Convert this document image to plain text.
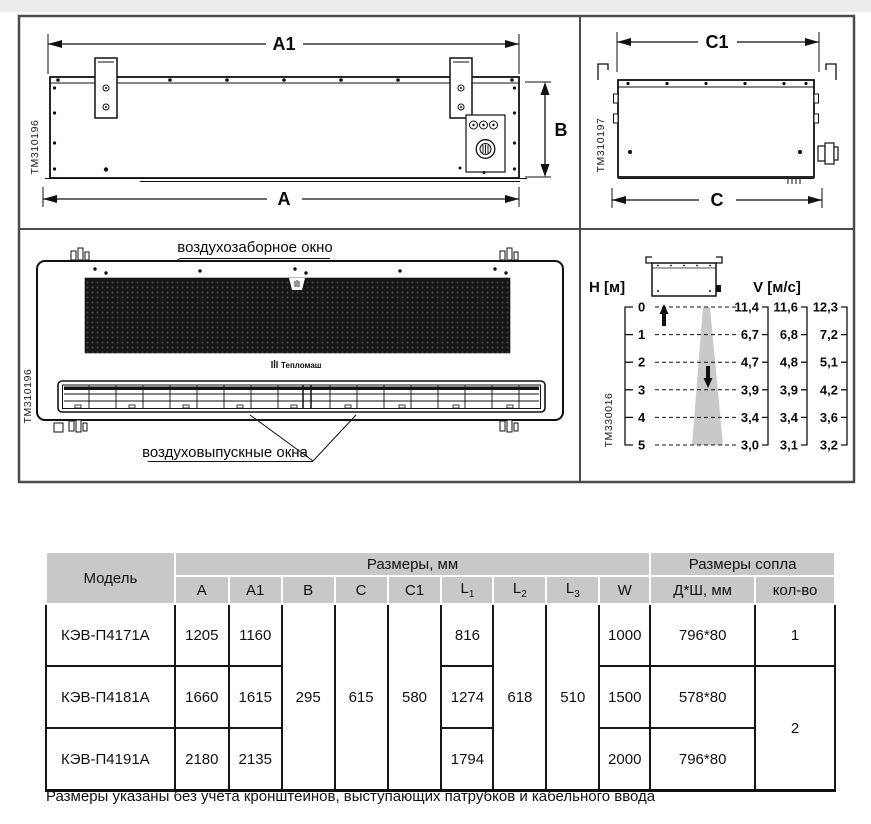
A1
B
A
TM310196
C1
C
TM310197
воздухозаборное окно
Тепломаш
воздуховыпускные окна
TM310196
H [м]	V [м/с]
0
1
2
3
4
5
11,4
6,7
4,7
3,9
3,4
3,0
11,6
6,8
4,8
3,9
3,4
3,1
12,3
7,2
5,1
4,2
3,6
3,2
TM330016
Модель	Размеры, мм									Размеры сопла	
	А	А1	В	С	С1	$L_1$	$L_2$	$L_3$	W	Д*Ш, мм	кол-во
КЭВ-П4171А	1205	1160	295	615	580	816	618	510	1000	796*80	1
КЭВ-П4181А	1660	1615				1274			1500	578*80	2
КЭВ-П4191А	2180	2135				1794			2000	796*80	
Размеры указаны без учёта кронштейнов, выступающих патрубков и кабельного ввода
